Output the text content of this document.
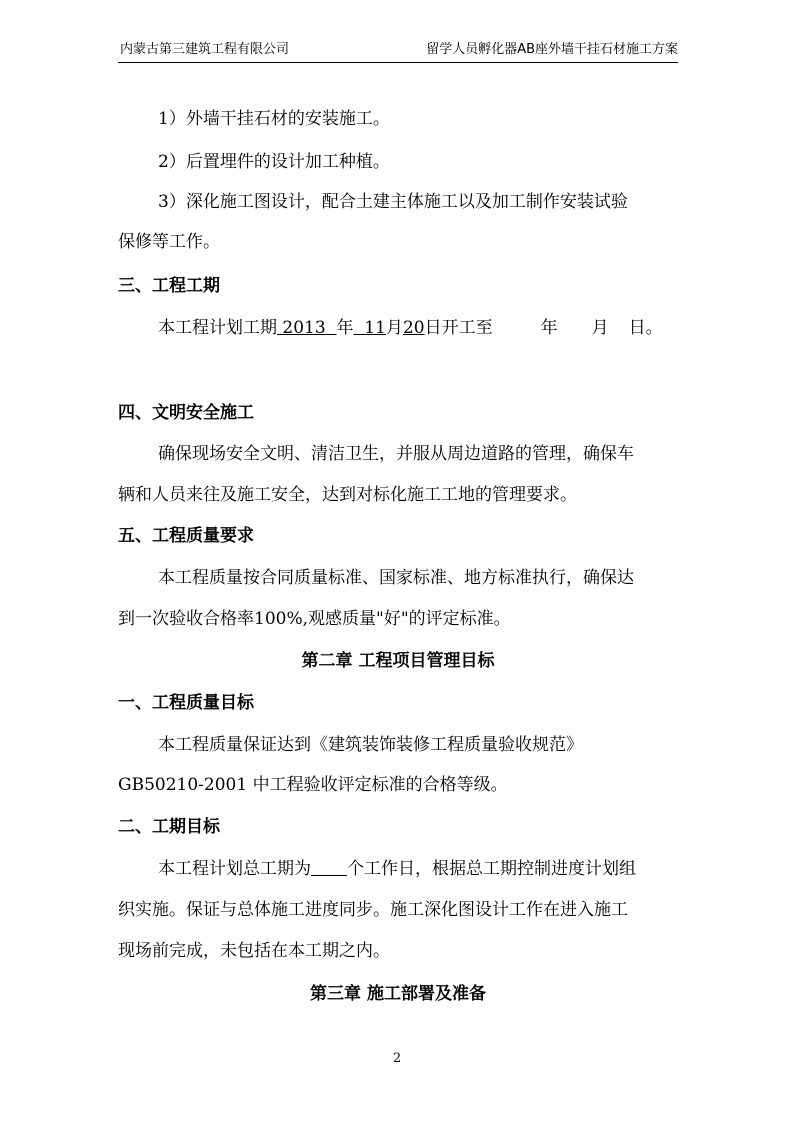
内蒙古第三建筑工程有限公司	留学人员孵化器AB座外墙干挂石材施工方案
1）外墙干挂石材的安装施工。
2）后置埋件的设计加工种植。
3）深化施工图设计，配合土建主体施工以及加工制作安装试验
保修等工作。
三、工程工期
本工程计划工期 2013 年 11月20日开工至	年 月 日。
四、文明安全施工
确保现场安全文明、清洁卫生，并服从周边道路的管理，确保车
辆和人员来往及施工安全，达到对标化施工工地的管理要求。
五、工程质量要求
本工程质量按合同质量标准、国家标准、地方标准执行，确保达
到一次验收合格率100%,观感质量"好"的评定标准。
第二章 工程项目管理目标
一、工程质量目标
本工程质量保证达到《建筑装饰装修工程质量验收规范》
GB50210-2001 中工程验收评定标准的合格等级。
二、工期目标
本工程计划总工期为 个工作日，根据总工期控制进度计划组
织实施。保证与总体施工进度同步。施工深化图设计工作在进入施工
现场前完成，未包括在本工期之内。
第三章 施工部署及准备
2
